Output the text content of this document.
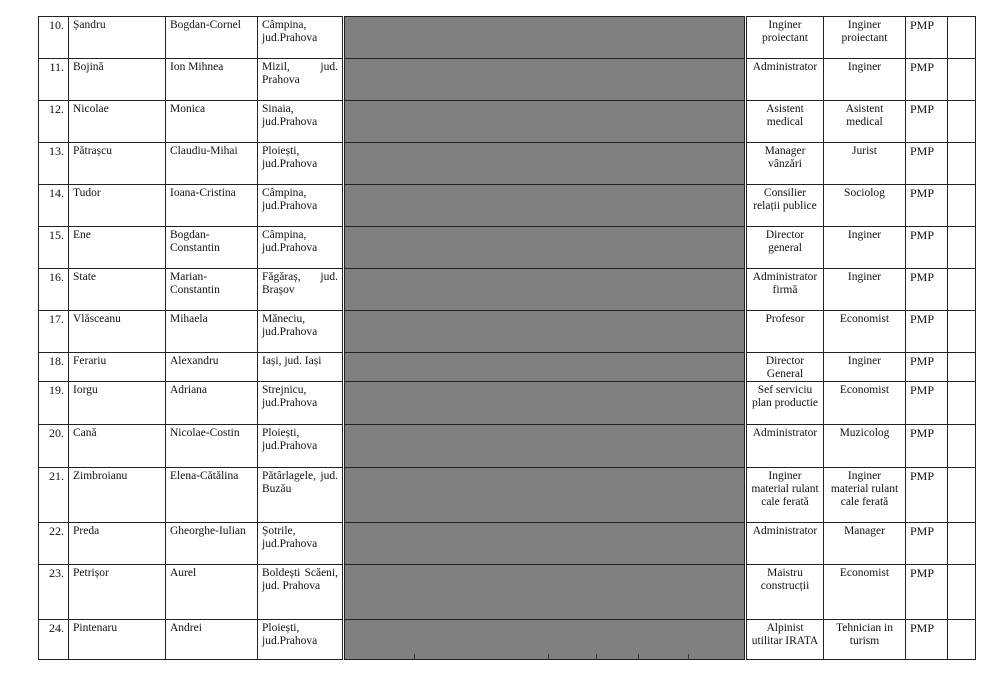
10.	Șandru	Bogdan-Cornel	Câmpina, jud.Prahova		Inginer proiectant	Inginer proiectant	PMP	
11.	Bojină	Ion Mihnea	Mizil, jud. Prahova		Administrator	Inginer	PMP	
12.	Nicolae	Monica	Sinaia, jud.Prahova		Asistent medical	Asistent medical	PMP	
13.	Pătrașcu	Claudiu-Mihai	Ploiești, jud.Prahova		Manager vânzări	Jurist	PMP	
14.	Tudor	Ioana-Cristina	Câmpina, jud.Prahova		Consilier relații publice	Sociolog	PMP	
15.	Ene	Bogdan-Constantin	Câmpina, jud.Prahova		Director general	Inginer	PMP	
16.	State	Marian-Constantin	Făgăraș, jud. Brașov		Administrator firmă	Inginer	PMP	
17.	Vlăsceanu	Mihaela	Măneciu, jud.Prahova		Profesor	Economist	PMP	
18.	Ferariu	Alexandru	Iași, jud. Iași		Director General	Inginer	PMP	
19.	Iorgu	Adriana	Strejnicu, jud.Prahova		Sef serviciu plan productie	Economist	PMP	
20.	Cană	Nicolae-Costin	Ploiești, jud.Prahova		Administrator	Muzicolog	PMP	
21.	Zimbroianu	Elena-Cătălina	Pătârlagele, jud. Buzău		Inginer material rulant cale ferată	Inginer material rulant cale ferată	PMP	
22.	Preda	Gheorghe-Iulian	Șotrile, jud.Prahova		Administrator	Manager	PMP	
23.	Petrișor	Aurel	Boldești Scăeni, jud. Prahova		Maistru construcții	Economist	PMP	
24.	Pintenaru	Andrei	Ploiești, jud.Prahova		Alpinist utilitar IRATA	Tehnician in turism	PMP	
